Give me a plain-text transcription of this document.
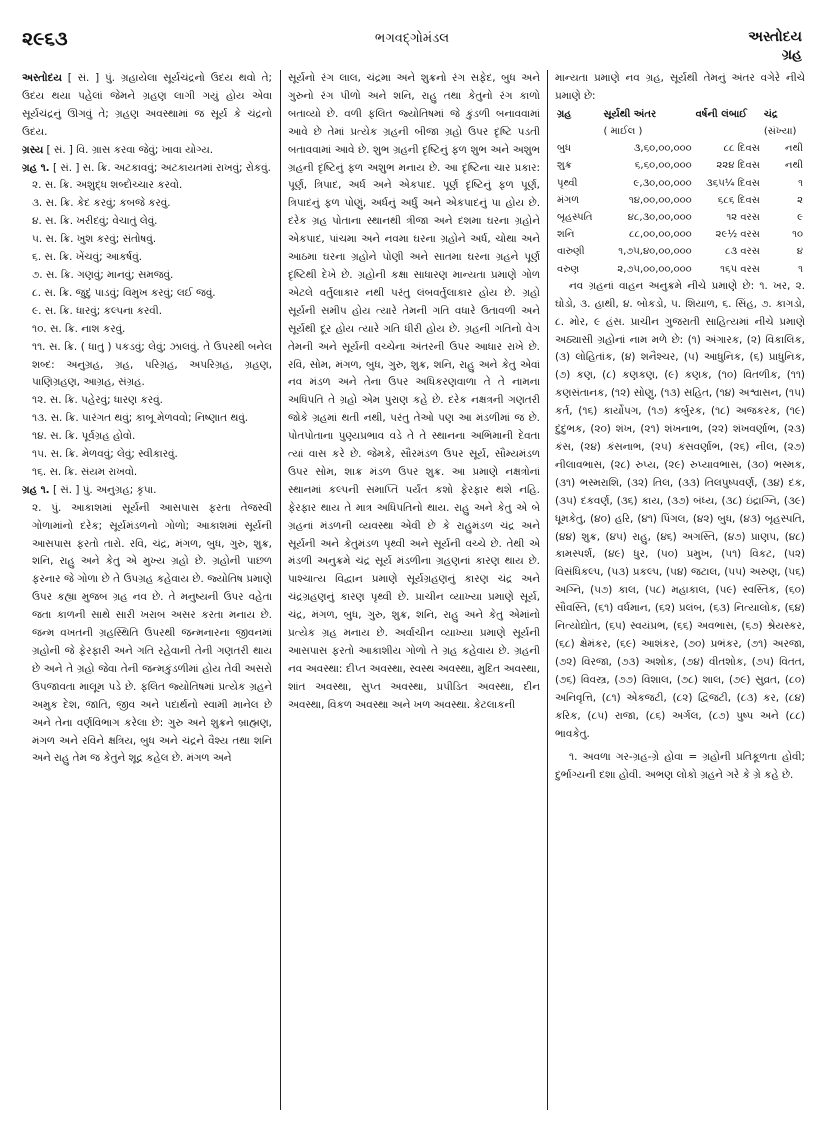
૨૯૬૩	ભગવદ્ગોમંડલ	અસ્તોદય
ગ્રહ

અસ્તોદય [ સં. ] પું. ગ્રહાયેલા સૂર્યચંદ્રનો ઉદય થવો તે; ઉદય થયા પહેલાં જેમને ગ્રહણ લાગી ગયું હોય એવા સૂર્યચંદ્રનું ઊગવું તે; ગ્રહણ અવસ્થામાં જ સૂર્ય કે ચંદ્રનો ઉદય.

ગ્રસ્ય [ સં. ] વિ. ગ્રાસ કરવા જેવું; ખાવા યોગ્ય.

ગ્રહ ૧. [ સં. ] સ. ક્રિ. અટકાવવું; અટકાયતમાં રાખવું; રોકવું.

૨. સ. ક્રિ. અશુદ્ધ શબ્દોચ્ચાર કરવો.

૩. સ. ક્રિ. કેદ કરવું; કબજે કરવું.

૪. સ. ક્રિ. ખરીદવું; વેચાતું લેવું.

૫. સ. ક્રિ. ખુશ કરવું; સંતોષવું.

૬. સ. ક્રિ. ખેંચવું; આકર્ષવું.

૭. સ. ક્રિ. ગણવું; માનવું; સમજવું.

૮. સ. ક્રિ. જુદું પાડવું; વિમુખ કરવું; લઈ જવું.

૯. સ. ક્રિ. ધારવું; કલ્પના કરવી.

૧૦. સ. ક્રિ. નાશ કરવું.

૧૧. સ. ક્રિ. ( ધાતુ ) પકડવું; લેવું; ઝાલવું. તે ઉપરથી બનેલ શબ્દ: અનુગ્રહ, ગ્રહ, પરિગ્રહ, અપરિગ્રહ, ગ્રહણ, પાણિગ્રહણ, આગ્રહ, સંગ્રહ.

૧૨. સ. ક્રિ. પહેરવું; ધારણ કરવું.

૧૩. સ. ક્રિ. પારંગત થવું; કાબૂ મેળવવો; નિષ્ણાત થવું.

૧૪. સ. ક્રિ. પૂર્વગ્રહ હોવો.

૧૫. સ. ક્રિ. મેળવવું; લેવું; સ્વીકારવું.

૧૬. સ. ક્રિ. સંયમ રાખવો.

ગ્રહ ૧. [ સં. ] પું. અનુગ્રહ; કૃપા.

૨. પું. આકાશમાં સૂર્યની આસપાસ ફરતા તેજસ્વી ગોળામાંનો દરેક; સૂર્યમંડળનો ગોળો; આકાશમાં સૂર્યની આસપાસ ફરતો તારો. રવિ, ચંદ્ર, મંગળ, બુધ, ગુરુ, શુક્ર, શનિ, રાહુ અને કેતુ એ મુખ્ય ગ્રહો છે. ગ્રહોની પાછળ ફરનાર જે ગોળા છે તે ઉપગ્રહ કહેવાય છે. જ્યોતિષ પ્રમાણે ઉપર કહ્યા મુજબ ગ્રહ નવ છે. તે મનુષ્યની ઉપર વહેતા જતા કાળની સાથે સારી ખરાબ અસર કરતા મનાય છે. જન્મ વખતની ગ્રહસ્થિતિ ઉપરથી જન્મનારના જીવનમાં ગ્રહોની જે ફેરફારી અને ગતિ રહેવાની તેની ગણતરી થાય છે અને તે ગ્રહો જેવા તેની જન્મકુંડળીમાં હોય તેવી અસરો ઉપજાવતા માલૂમ પડે છે. ફલિત જ્યોતિષમાં પ્રત્યેક ગ્રહને અમુક દેશ, જાતિ, જીવ અને પદાર્થનો સ્વામી માનેલ છે અને તેના વર્ણવિભાગ કરેલા છે: ગુરુ અને શુક્રને બ્રાહ્મણ, મંગળ અને રવિને ક્ષત્રિય, બુધ અને ચંદ્રને વૈશ્ય તથા શનિ અને રાહુ તેમ જ કેતુને શૂદ્ર કહેલ છે. મંગળ અને

સૂર્યનો રંગ લાલ, ચંદ્રમા અને શુક્રનો રંગ સફેદ, બુધ અને ગુરુનો રંગ પીળો અને શનિ, રાહુ તથા કેતુનો રંગ કાળો બતાવ્યો છે. વળી ફલિત જ્યોતિષમાં જે કુંડળી બનાવવામાં આવે છે તેમાં પ્રત્યેક ગ્રહની બીજા ગ્રહો ઉપર દૃષ્ટિ પડતી બતાવવામાં આવે છે. શુભ ગ્રહની દૃષ્ટિનું ફળ શુભ અને અશુભ ગ્રહની દૃષ્ટિનું ફળ અશુભ મનાય છે. આ દૃષ્ટિના ચાર પ્રકાર: પૂર્ણ, ત્રિપાદ, અર્ધ અને એકપાદ. પૂર્ણ દૃષ્ટિનું ફળ પૂર્ણ, ત્રિપાદનું ફળ પોણું, અર્ધનું અર્ધું અને એકપાદનું પા હોય છે. દરેક ગ્રહ પોતાના સ્થાનથી ત્રીજા અને દશમા ઘરના ગ્રહોને એકપાદ, પાંચમા અને નવમા ઘરના ગ્રહોને અર્ધ, ચોથા અને આઠમા ઘરના ગ્રહોને પોણી અને સાતમા ઘરના ગ્રહને પૂર્ણ દૃષ્ટિથી દેખે છે. ગ્રહોની કક્ષા સાધારણ માન્યતા પ્રમાણે ગોળ એટલે વર્તુલાકાર નથી પરંતુ લંબવર્તુલાકાર હોય છે. ગ્રહો સૂર્યની સમીપ હોય ત્યારે તેમની ગતિ વધારે ઉતાવળી અને સૂર્યથી દૂર હોય ત્યારે ગતિ ધીરી હોય છે. ગ્રહની ગતિનો વેગ તેમની અને સૂર્યની વચ્ચેના અંતરની ઉપર આધાર રાખે છે. રવિ, સોમ, મંગળ, બુધ, ગુરુ, શુક્ર, શનિ, રાહુ અને કેતુ એવાં નવ મંડળ અને તેના ઉપર અધિકરણવાળા તે તે નામના અધિપતિ તે ગ્રહો એમ પુરાણ કહે છે. દરેક નક્ષત્રની ગણતરી જોકે ગ્રહમાં થતી નથી, પરંતુ તેઓ પણ આ મંડળીમાં જ છે. પોતપોતાના પુણ્યપ્રભાવ વડે તે તે સ્થાનના અભિમાની દેવતા ત્યાં વાસ કરે છે. જેમકે, સૌરમંડળ ઉપર સૂર્ય, સૌમ્યમંડળ ઉપર સોમ, શાક્ર મંડળ ઉપર શુક્ર. આ પ્રમાણે નક્ષત્રોનાં સ્થાનમાં કલ્પની સમાપ્તિ પર્યંત કશો ફેરફાર થશે નહિ. ફેરફાર થાય તે માત્ર અધિપતિનો થાય. રાહુ અને કેતુ એ બે ગ્રહનાં મંડળની વ્યવસ્થા એવી છે કે રાહુમંડળ ચંદ્ર અને સૂર્યની અને કેતુમંડળ પૃથ્વી અને સૂર્યની વચ્ચે છે. તેથી એ મંડળી અનુક્રમે ચંદ્ર સૂર્ય મંડળીના ગ્રહણનાં કારણ થાય છે. પાશ્ચાત્ય વિદ્વાન પ્રમાણે સૂર્યગ્રહણનું કારણ ચંદ્ર અને ચંદ્રગ્રહણનું કારણ પૃથ્વી છે. પ્રાચીન વ્યાખ્યા પ્રમાણે સૂર્ય, ચંદ્ર, મંગળ, બુધ, ગુરુ, શુક્ર, શનિ, રાહુ અને કેતુ એમાંનો પ્રત્યેક ગ્રહ મનાય છે. અર્વાચીન વ્યાખ્યા પ્રમાણે સૂર્યની આસપાસ ફરતો આકાશીય ગોળો તે ગ્રહ કહેવાય છે. ગ્રહની નવ અવસ્થા: દીપ્ત અવસ્થા, સ્વસ્થ અવસ્થા, મુદિત અવસ્થા, શાંત અવસ્થા, સુપ્ત અવસ્થા, પ્રપીડિત અવસ્થા, દીન અવસ્થા, વિકળ અવસ્થા અને ખળ અવસ્થા. કેટલાકની

માન્યતા પ્રમાણે નવ ગ્રહ, સૂર્યથી તેમનું અંતર વગેરે નીચે પ્રમાણે છે:

ગ્રહ	સૂર્યથી અંતર	વર્ષની લંબાઈ	ચંદ્ર
	( માઈલ )		(સંખ્યા)
બુધ	૩,૬૦,૦૦,૦૦૦	૮૮ દિવસ	નથી
શુક્ર	૬,૬૦,૦૦,૦૦૦	૨૨૪ દિવસ	નથી
પૃથ્વી	૯,૩૦,૦૦,૦૦૦	૩૬૫¼ દિવસ	૧
મંગળ	૧૪,૦૦,૦૦,૦૦૦	૬૮૬ દિવસ	૨
બૃહસ્પતિ	૪૮,૩૦,૦૦,૦૦૦	૧૨ વરસ	૯
શનિ	૮૮,૦૦,૦૦,૦૦૦	૨૯½ વરસ	૧૦
વારુણી	૧,૭૫,૪૦,૦૦,૦૦૦	૮૩ વરસ	૪
વરુણ	૨,૭૫,૦૦,૦૦,૦૦૦	૧૬૫ વરસ	૧

નવ ગ્રહનાં વાહન અનુક્રમે નીચે પ્રમાણે છે: ૧. ખર, ૨. ઘોડો, ૩. હાથી, ૪. બોકડો, ૫. શિયાળ, ૬. સિંહ, ૭. કાગડો, ૮. મોર, ૯ હંસ. પ્રાચીન ગુજરાતી સાહિત્યમાં નીચે પ્રમાણે અઠ્યાસી ગ્રહોનાં નામ મળે છે: (૧) અંગારક, (૨) વિકાલિક, (૩) લોહિતાંક, (૪) શનૈશ્ચર, (૫) આધુનિક, (૬) પ્રાધુનિક, (૭) કણ, (૮) કણકણ, (૯) કણક, (૧૦) વિતળીક, (૧૧) કણસંતાનક, (૧૨) સોણુ, (૧૩) સહિત, (૧૪) અશ્વાસન, (૧૫) કર્ત, (૧૬) કાર્યોપગ, (૧૭) કર્બુરક, (૧૮) અજકરક, (૧૯) દુંદુભક, (૨૦) શંખ, (૨૧) શંખનાભ, (૨૨) શંખવર્ણાભ, (૨૩) કંસ, (૨૪) કંસનાભ, (૨૫) કંસવર્ણાભ, (૨૬) નીલ, (૨૭) નીલાવભાસ, (૨૮) રુપ્ય, (૨૯) રુપ્યાવભાસ, (૩૦) ભસ્મક, (૩૧) ભસ્મરાશિ, (૩૨) તિલ, (૩૩) તિલપુષ્પવર્ણ, (૩૪) દક, (૩૫) દકવર્ણ, (૩૬) કાય, (૩૭) બંધ્ય, (૩૮) ઇંદ્રાગ્નિ, (૩૯) ધૂમકેતુ, (૪૦) હરિ, (૪૧) પિંગલ, (૪૨) બુધ, (૪૩) બૃહસ્પતિ, (૪૪) શુક્ર, (૪૫) રાહુ, (૪૬) અગસ્તિ, (૪૭) પ્રાણપ, (૪૮) કામસ્પર્શ, (૪૯) ધુર, (૫૦) પ્રમુખ, (૫૧) વિકટ, (૫૨) વિસંધિકલ્પ, (૫૩) પ્રકલ્પ, (૫૪) જટાલ, (૫૫) અરુણ, (૫૬) અગ્નિ, (૫૭) કાલ, (૫૮) મહાકાલ, (૫૯) સ્વસ્તિક, (૬૦) સૌવસ્તિ, (૬૧) વર્ધમાન, (૬૨) પ્રલંબ, (૬૩) નિત્યાલોક, (૬૪) નિત્યોદ્યોત, (૬૫) સ્વયંપ્રભ, (૬૬) અવભાસ, (૬૭) શ્રેયસ્કર, (૬૮) ક્ષેમંકર, (૬૯) આશંકર, (૭૦) પ્રભંકર, (૭૧) અરજા, (૭૨) વિરજા, (૭૩) અશોક, (૭૪) વીતશોક, (૭૫) વિતત, (૭૬) વિવસ્ત્ર, (૭૭) વિશાલ, (૭૮) શાલ, (૭૯) સુવ્રત, (૮૦) અનિવૃત્તિ, (૮૧) એકજટી, (૮૨) દ્વિજટી, (૮૩) કર, (૮૪) કરિક, (૮૫) રાજા, (૮૬) અર્ગલ, (૮૭) પુષ્પ અને (૮૮) ભાવકેતુ.

૧. અવળા ગર-ગ્રહ-ગ્રે હોવા = ગ્રહોની પ્રતિકૂળતા હોવી; દુર્ભાગ્યની દશા હોવી. અભણ લોકો ગ્રહને ગરે કે ગ્રે કહે છે.
